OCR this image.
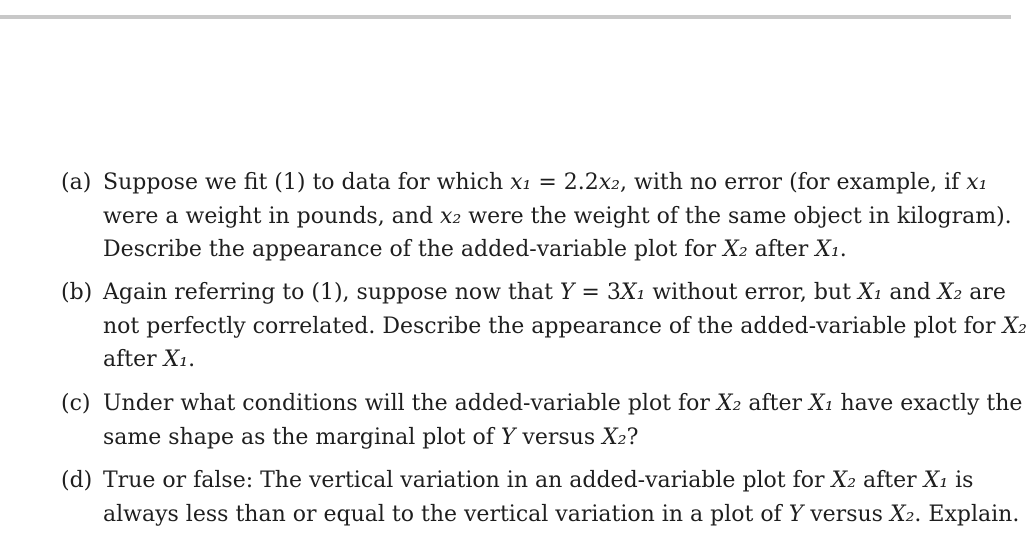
(a) Suppose we fit (1) to data for which x₁ = 2.2x₂, with no error (for example, if x₁
were a weight in pounds, and x₂ were the weight of the same object in kilogram).
Describe the appearance of the added-variable plot for X₂ after X₁.
(b) Again referring to (1), suppose now that Y = 3X₁ without error, but X₁ and X₂ are
not perfectly correlated. Describe the appearance of the added-variable plot for X₂
after X₁.
(c) Under what conditions will the added-variable plot for X₂ after X₁ have exactly the
same shape as the marginal plot of Y versus X₂?
(d) True or false: The vertical variation in an added-variable plot for X₂ after X₁ is
always less than or equal to the vertical variation in a plot of Y versus X₂. Explain.
